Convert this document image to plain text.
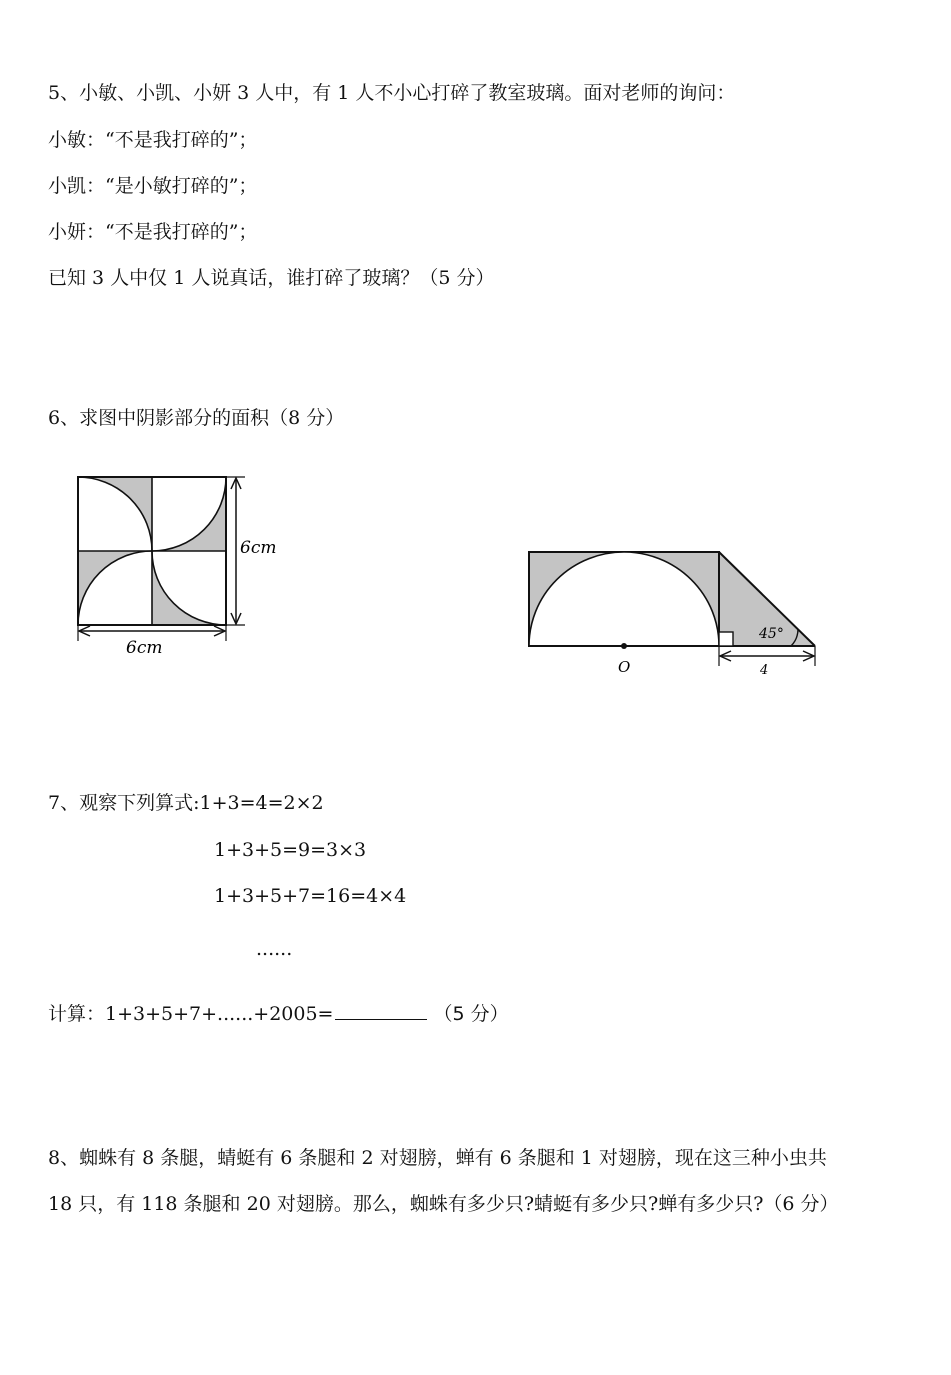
5、小敏、小凯、小妍 3 人中，有 1 人不小心打碎了教室玻璃。面对老师的询问：
小敏：“不是我打碎的”；
小凯：“是小敏打碎的”；
小妍：“不是我打碎的”；
已知 3 人中仅 1 人说真话，谁打碎了玻璃？（5 分）
6、求图中阴影部分的面积（8 分）
6cm
6cm
45°
O	4
7、观察下列算式:1+3=4=2×2
1+3+5=9=3×3
1+3+5+7=16=4×4
......
计算：1+3+5+7+......+2005=	（5 分）
8、蜘蛛有 8 条腿，蜻蜓有 6 条腿和 2 对翅膀，蝉有 6 条腿和 1 对翅膀，现在这三种小虫共
18 只，有 118 条腿和 20 对翅膀。那么，蜘蛛有多少只?蜻蜓有多少只?蝉有多少只?（6 分）
